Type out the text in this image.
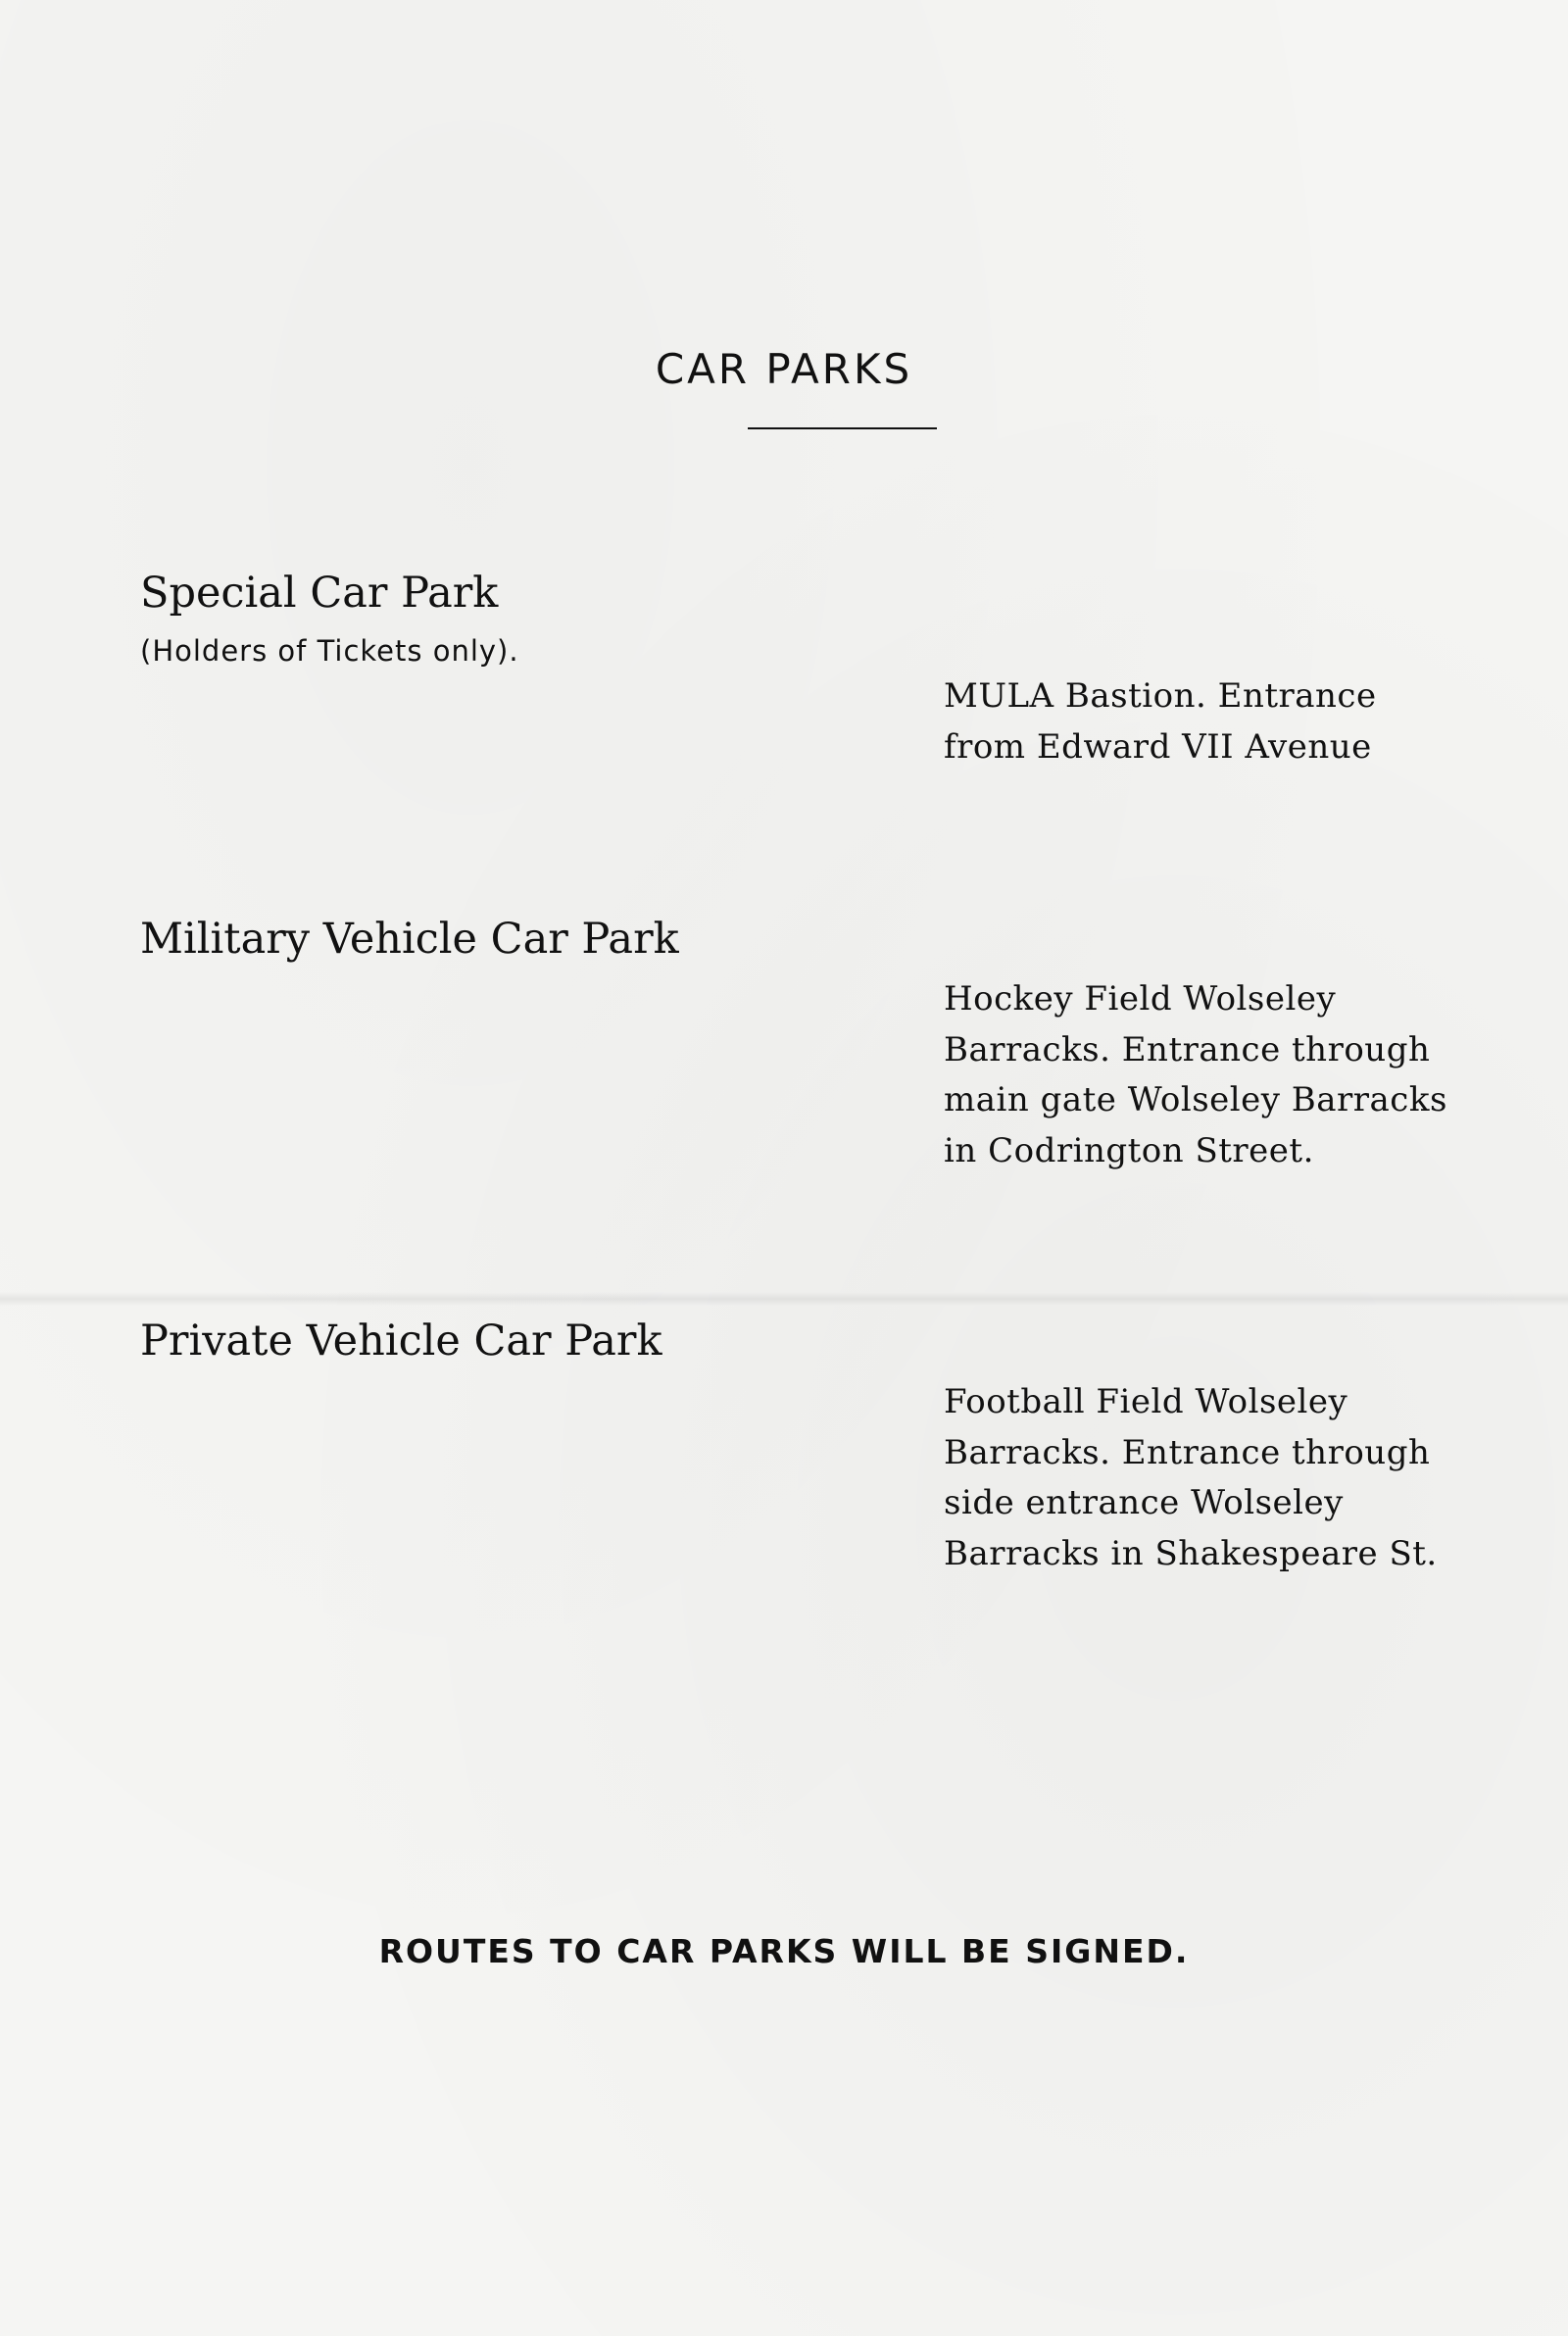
CAR PARKS
Special Car Park
(Holders of Tickets only).

MULA Bastion. Entrance
from Edward VII Avenue

Military Vehicle Car Park

Hockey Field Wolseley
Barracks. Entrance through
main gate Wolseley Barracks
in Codrington Street.

Private Vehicle Car Park

Football Field Wolseley
Barracks. Entrance through
side entrance Wolseley
Barracks in Shakespeare St.

ROUTES TO CAR PARKS WILL BE SIGNED.
